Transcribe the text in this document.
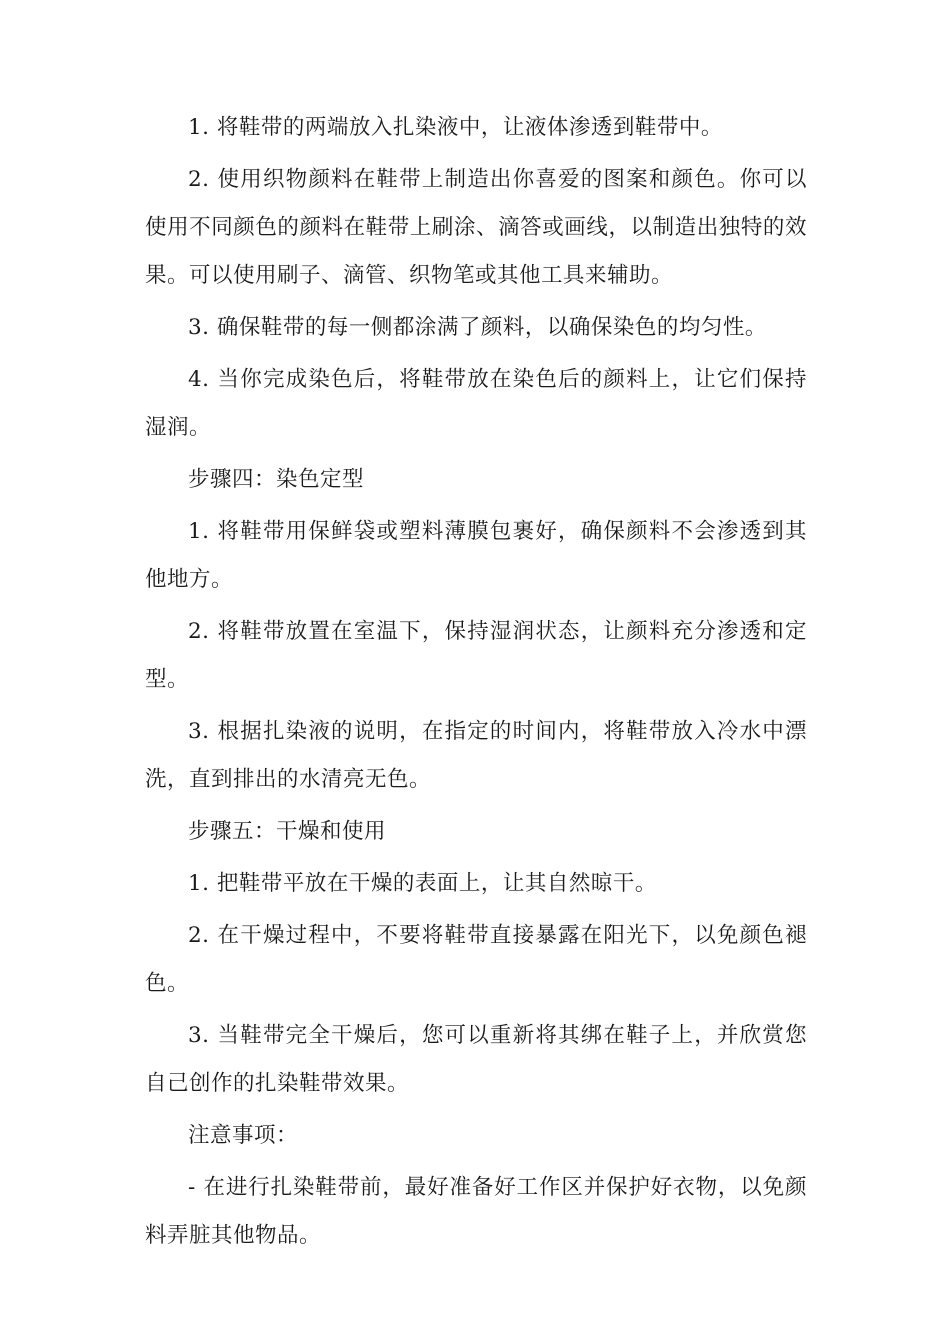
1. 将鞋带的两端放入扎染液中，让液体渗透到鞋带中。

2. 使用织物颜料在鞋带上制造出你喜爱的图案和颜色。你可以使用不同颜色的颜料在鞋带上刷涂、滴答或画线，以制造出独特的效果。可以使用刷子、滴管、织物笔或其他工具来辅助。

3. 确保鞋带的每一侧都涂满了颜料，以确保染色的均匀性。

4. 当你完成染色后，将鞋带放在染色后的颜料上，让它们保持湿润。

步骤四：染色定型

1. 将鞋带用保鲜袋或塑料薄膜包裹好，确保颜料不会渗透到其他地方。

2. 将鞋带放置在室温下，保持湿润状态，让颜料充分渗透和定型。

3. 根据扎染液的说明，在指定的时间内，将鞋带放入冷水中漂洗，直到排出的水清亮无色。

步骤五：干燥和使用

1. 把鞋带平放在干燥的表面上，让其自然晾干。

2. 在干燥过程中，不要将鞋带直接暴露在阳光下，以免颜色褪色。

3. 当鞋带完全干燥后，您可以重新将其绑在鞋子上，并欣赏您自己创作的扎染鞋带效果。

注意事项：

- 在进行扎染鞋带前，最好准备好工作区并保护好衣物，以免颜料弄脏其他物品。
